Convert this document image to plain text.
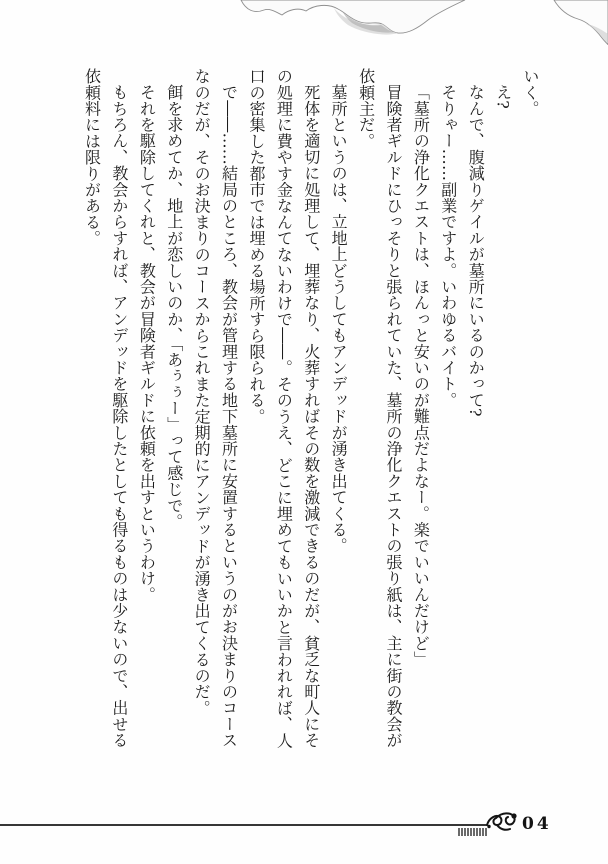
いく。

え?

なんで、腹減りゲイルが墓所にいるのかって?

そりゃー……副業ですよ。いわゆるバイト。

「墓所の浄化クエストは、ほんっと安いのが難点だよなー。楽でいいんだけど」

冒険者ギルドにひっそりと張られていた、墓所の浄化クエストの張り紙は、主に街の教会が依頼主だ。

墓所というのは、立地上どうしてもアンデッドが湧き出てくる。

死体を適切に処理して、埋葬なり、火葬すればその数を激減できるのだが、貧乏な町人にその処理に費やす金なんてないわけで――。そのうえ、どこに埋めてもいいかと言われれば、人口の密集した都市では埋める場所すら限られる。

で――……結局のところ、教会が管理する地下墓所に安置するというのがお決まりのコースなのだが、そのお決まりのコースからこれまた定期的にアンデッドが湧き出てくるのだ。

餌を求めてか、地上が恋しいのか、「あぅぅー」って感じで。

それを駆除してくれと、教会が冒険者ギルドに依頼を出すというわけ。

もちろん、教会からすれば、アンデッドを駆除したとしても得るものは少ないので、出せる依頼料には限りがある。

04
